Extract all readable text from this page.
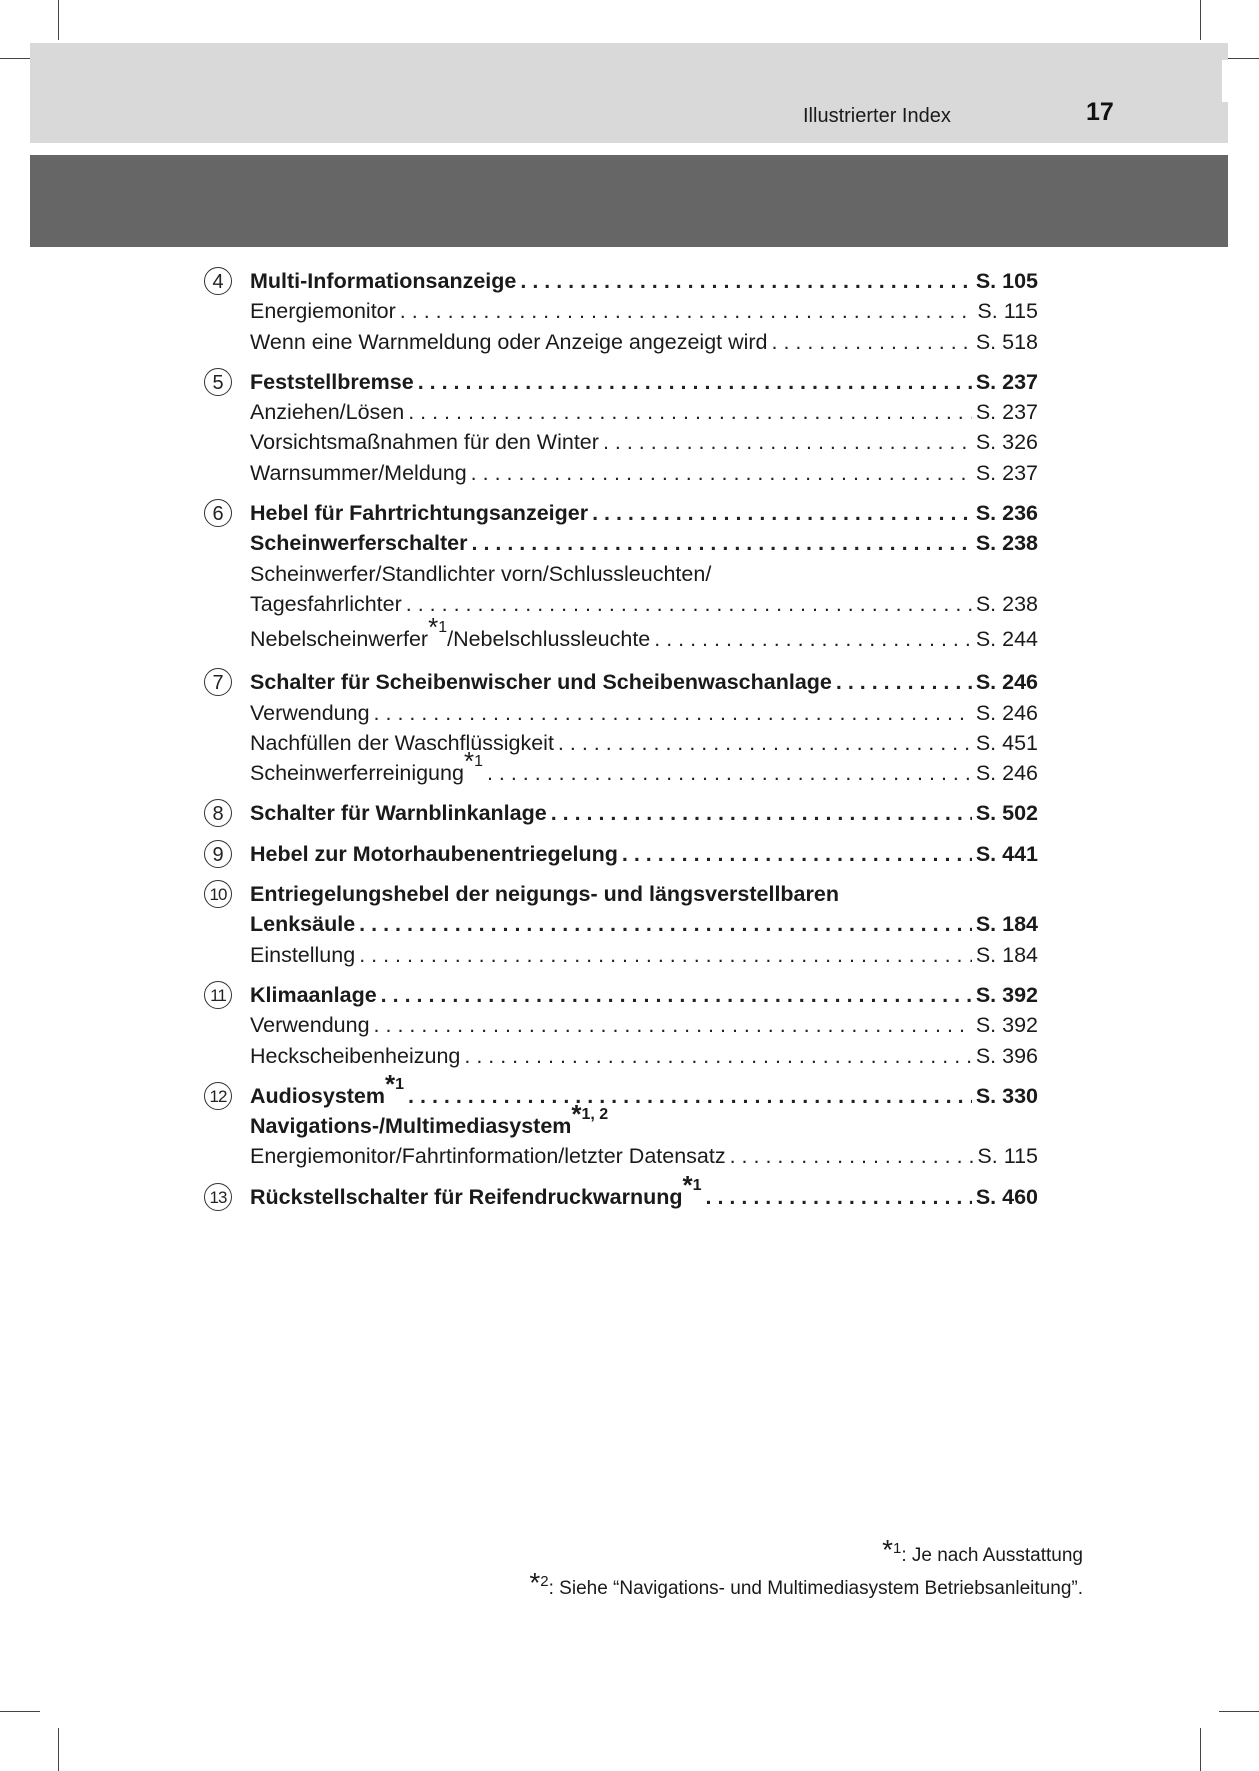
Illustrierter Index	17
4	Multi-Informationsanzeige . . .	S. 105
Energiemonitor . . .	S. 115
Wenn eine Warnmeldung oder Anzeige angezeigt wird . . .	S. 518
5	Feststellbremse . . .	S. 237
Anziehen/Lösen . . .	S. 237
Vorsichtsmaßnahmen für den Winter . . .	S. 326
Warnsummer/Meldung . . .	S. 237
6	Hebel für Fahrtrichtungsanzeiger . . .	S. 236
Scheinwerferschalter . . .	S. 238
Scheinwerfer/Standlichter vorn/Schlussleuchten/
Tagesfahrlichter . . .	S. 238
Nebelscheinwerfer$^{*1}$/Nebelschlussleuchte . . .	S. 244
7	Schalter für Scheibenwischer und Scheibenwaschanlage . . .	S. 246
Verwendung . . .	S. 246
Nachfüllen der Waschflüssigkeit . . .	S. 451
Scheinwerferreinigung$^{*1}$ . . .	S. 246
8	Schalter für Warnblinkanlage . . .	S. 502
9	Hebel zur Motorhaubenentriegelung . . .	S. 441
10 Entriegelungshebel der neigungs- und längsverstellbaren
Lenksäule . . .	S. 184
Einstellung . . .	S. 184
11 Klimaanlage . . .	S. 392
Verwendung . . .	S. 392
Heckscheibenheizung . . .	S. 396
12 Audiosystem$^{*1}$ . . .	S. 330
Navigations-/Multimediasystem$^{*1, 2}$
Energiemonitor/Fahrtinformation/letzter Datensatz . . .	S. 115
13 Rückstellschalter für Reifendruckwarnung$^{*1}$ . . .	S. 460
*$^1$: Je nach Ausstattung
*$^2$: Siehe “Navigations- und Multimediasystem Betriebsanleitung”.
